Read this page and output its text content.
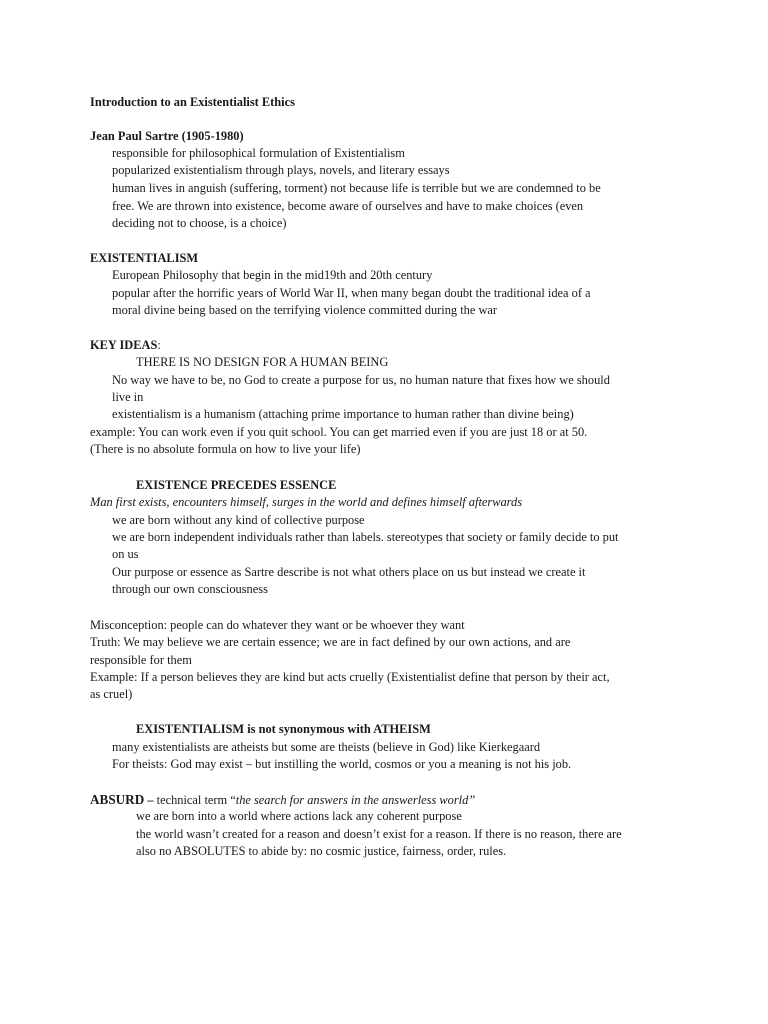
Introduction to an Existentialist Ethics
Jean Paul Sartre (1905-1980)
responsible for philosophical formulation of Existentialism
popularized existentialism through plays, novels, and literary essays
human lives in anguish (suffering, torment) not because life is terrible but we are condemned to be
free. We are thrown into existence, become aware of ourselves and have to make choices (even
deciding not to choose, is a choice)
EXISTENTIALISM
European Philosophy that begin in the mid19th and 20th century
popular after the horrific years of World War II, when many began doubt the traditional idea of a
moral divine being based on the terrifying violence committed during the war
KEY IDEAS:
THERE IS NO DESIGN FOR A HUMAN BEING
No way we have to be, no God to create a purpose for us, no human nature that fixes how we should
live in
existentialism is a humanism (attaching prime importance to human rather than divine being)
example: You can work even if you quit school. You can get married even if you are just 18 or at 50.
(There is no absolute formula on how to live your life)
EXISTENCE PRECEDES ESSENCE
Man first exists, encounters himself, surges in the world and defines himself afterwards
we are born without any kind of collective purpose
we are born independent individuals rather than labels. stereotypes that society or family decide to put
on us
Our purpose or essence as Sartre describe is not what others place on us but instead we create it
through our own consciousness
Misconception: people can do whatever they want or be whoever they want
Truth: We may believe we are certain essence; we are in fact defined by our own actions, and are
responsible for them
Example: If a person believes they are kind but acts cruelly (Existentialist define that person by their act,
as cruel)
EXISTENTIALISM is not synonymous with ATHEISM
many existentialists are atheists but some are theists (believe in God) like Kierkegaard
For theists: God may exist – but instilling the world, cosmos or you a meaning is not his job.
ABSURD – technical term “the search for answers in the answerless world”
we are born into a world where actions lack any coherent purpose
the world wasn’t created for a reason and doesn’t exist for a reason. If there is no reason, there are
also no ABSOLUTES to abide by: no cosmic justice, fairness, order, rules.
